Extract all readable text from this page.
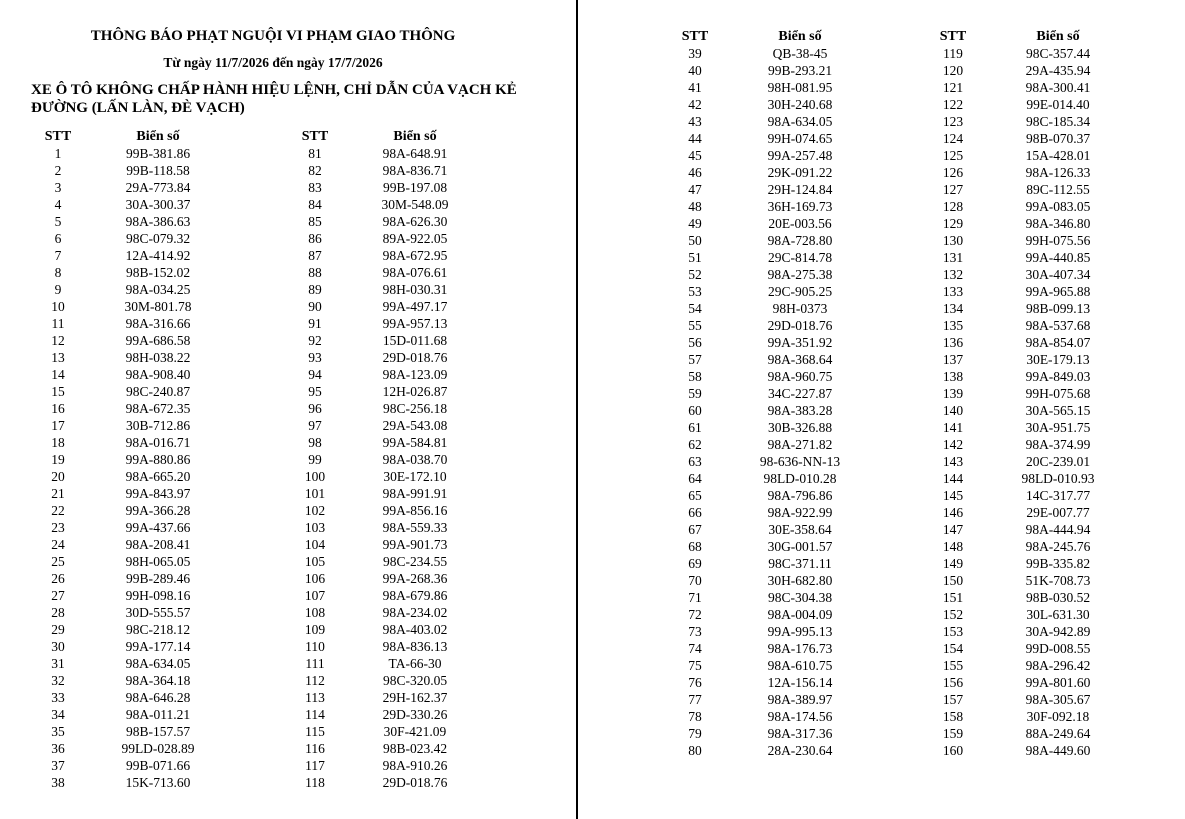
THÔNG BÁO PHẠT NGUỘI VI PHẠM GIAO THÔNG
Từ ngày 11/7/2026 đến ngày 17/7/2026
XE Ô TÔ KHÔNG CHẤP HÀNH HIỆU LỆNH, CHỈ DẪN CỦA VẠCH KẺ ĐƯỜNG (LẤN LÀN, ĐÈ VẠCH)
STT	Biển số
1	99B-381.86
2	99B-118.58
3	29A-773.84
4	30A-300.37
5	98A-386.63
6	98C-079.32
7	12A-414.92
8	98B-152.02
9	98A-034.25
10	30M-801.78
11	98A-316.66
12	99A-686.58
13	98H-038.22
14	98A-908.40
15	98C-240.87
16	98A-672.35
17	30B-712.86
18	98A-016.71
19	99A-880.86
20	98A-665.20
21	99A-843.97
22	99A-366.28
23	99A-437.66
24	98A-208.41
25	98H-065.05
26	99B-289.46
27	99H-098.16
28	30D-555.57
29	98C-218.12
30	99A-177.14
31	98A-634.05
32	98A-364.18
33	98A-646.28
34	98A-011.21
35	98B-157.57
36	99LD-028.89
37	99B-071.66
38	15K-713.60
STT	Biển số
81	98A-648.91
82	98A-836.71
83	99B-197.08
84	30M-548.09
85	98A-626.30
86	89A-922.05
87	98A-672.95
88	98A-076.61
89	98H-030.31
90	99A-497.17
91	99A-957.13
92	15D-011.68
93	29D-018.76
94	98A-123.09
95	12H-026.87
96	98C-256.18
97	29A-543.08
98	99A-584.81
99	98A-038.70
100	30E-172.10
101	98A-991.91
102	99A-856.16
103	98A-559.33
104	99A-901.73
105	98C-234.55
106	99A-268.36
107	98A-679.86
108	98A-234.02
109	98A-403.02
110	98A-836.13
111	TA-66-30
112	98C-320.05
113	29H-162.37
114	29D-330.26
115	30F-421.09
116	98B-023.42
117	98A-910.26
118	29D-018.76
STT	Biển số
39	QB-38-45
40	99B-293.21
41	98H-081.95
42	30H-240.68
43	98A-634.05
44	99H-074.65
45	99A-257.48
46	29K-091.22
47	29H-124.84
48	36H-169.73
49	20E-003.56
50	98A-728.80
51	29C-814.78
52	98A-275.38
53	29C-905.25
54	98H-0373
55	29D-018.76
56	99A-351.92
57	98A-368.64
58	98A-960.75
59	34C-227.87
60	98A-383.28
61	30B-326.88
62	98A-271.82
63	98-636-NN-13
64	98LD-010.28
65	98A-796.86
66	98A-922.99
67	30E-358.64
68	30G-001.57
69	98C-371.11
70	30H-682.80
71	98C-304.38
72	98A-004.09
73	99A-995.13
74	98A-176.73
75	98A-610.75
76	12A-156.14
77	98A-389.97
78	98A-174.56
79	98A-317.36
80	28A-230.64
STT	Biển số
119	98C-357.44
120	29A-435.94
121	98A-300.41
122	99E-014.40
123	98C-185.34
124	98B-070.37
125	15A-428.01
126	98A-126.33
127	89C-112.55
128	99A-083.05
129	98A-346.80
130	99H-075.56
131	99A-440.85
132	30A-407.34
133	99A-965.88
134	98B-099.13
135	98A-537.68
136	98A-854.07
137	30E-179.13
138	99A-849.03
139	99H-075.68
140	30A-565.15
141	30A-951.75
142	98A-374.99
143	20C-239.01
144	98LD-010.93
145	14C-317.77
146	29E-007.77
147	98A-444.94
148	98A-245.76
149	99B-335.82
150	51K-708.73
151	98B-030.52
152	30L-631.30
153	30A-942.89
154	99D-008.55
155	98A-296.42
156	99A-801.60
157	98A-305.67
158	30F-092.18
159	88A-249.64
160	98A-449.60
